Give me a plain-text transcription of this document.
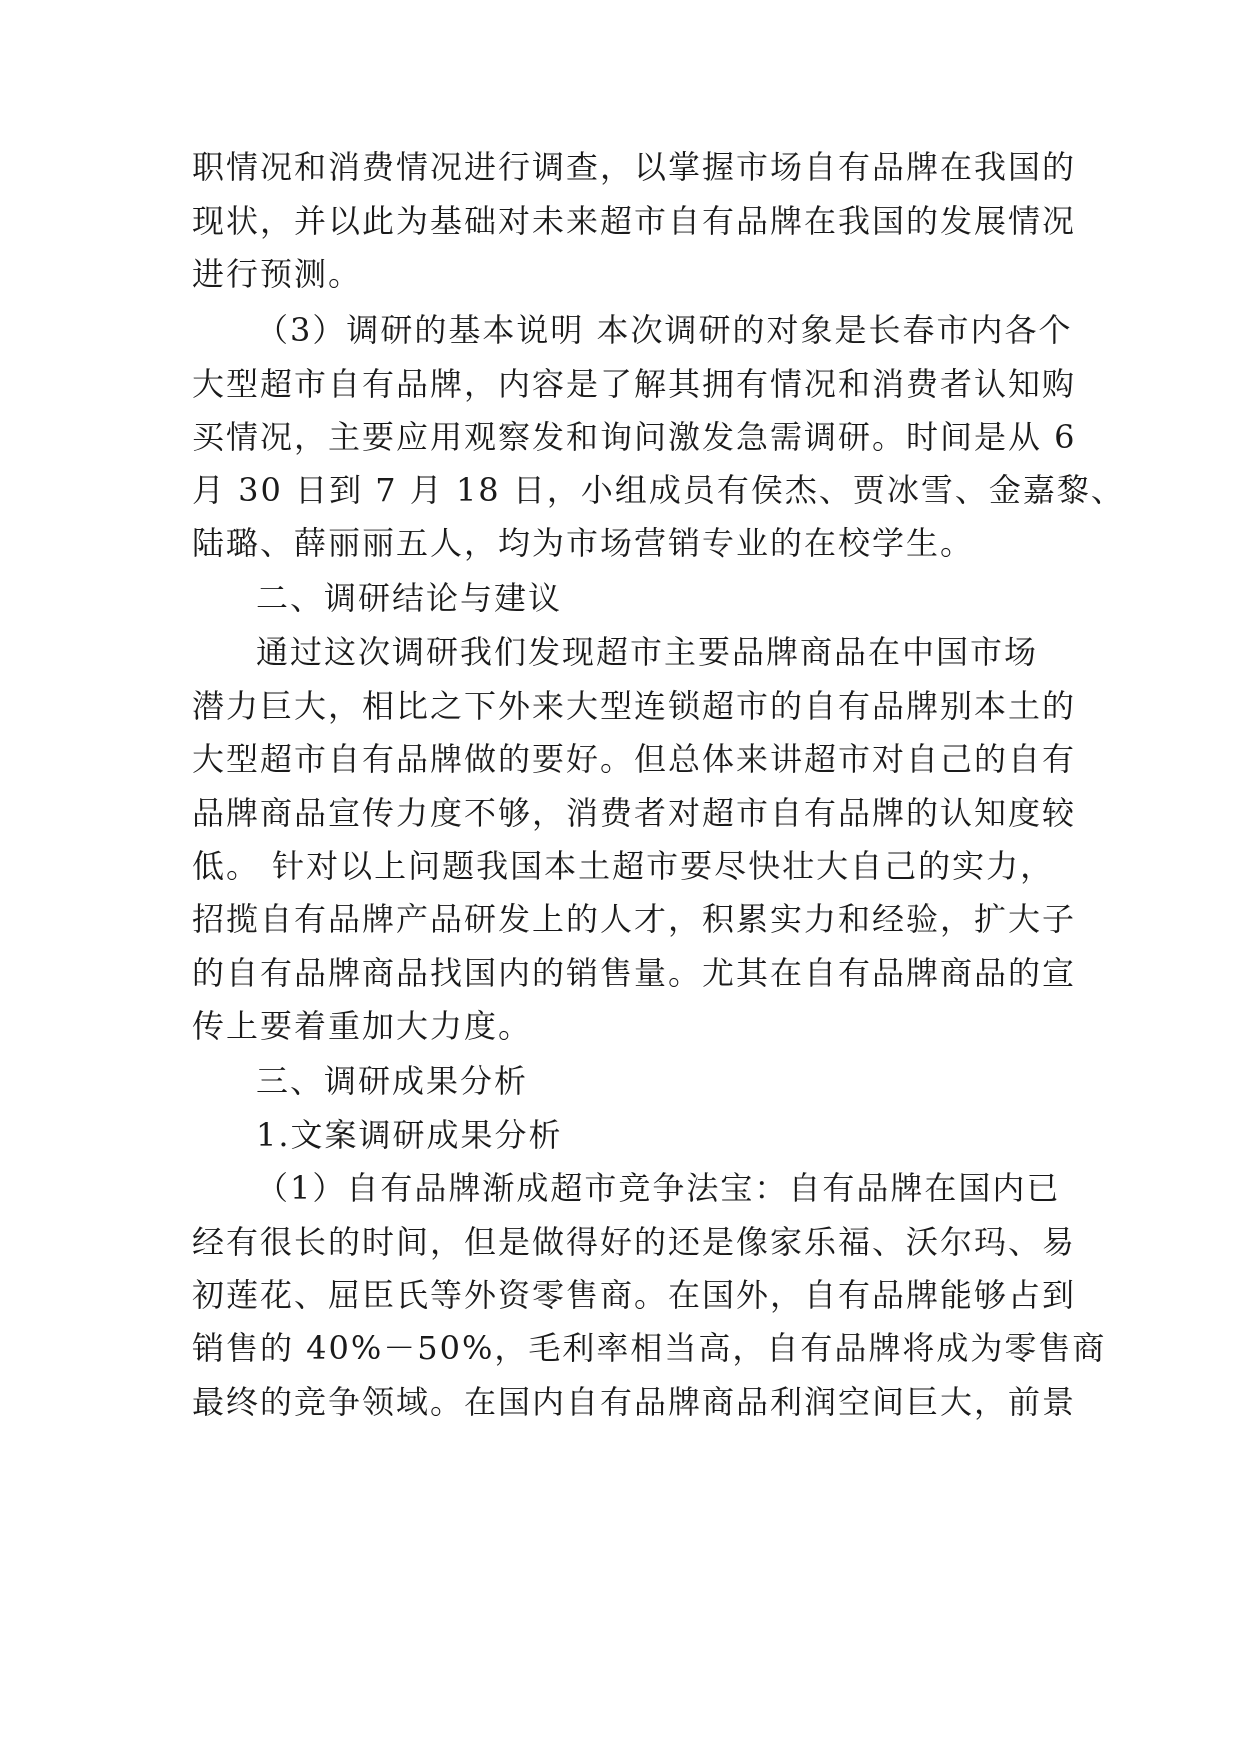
职情况和消费情况进行调查，以掌握市场自有品牌在我国的
现状，并以此为基础对未来超市自有品牌在我国的发展情况
进行预测。
（3）调研的基本说明 本次调研的对象是长春市内各个
大型超市自有品牌，内容是了解其拥有情况和消费者认知购
买情况，主要应用观察发和询问激发急需调研。时间是从 6
月 30 日到 7 月 18 日，小组成员有侯杰、贾冰雪、金嘉黎、
陆璐、薛丽丽五人，均为市场营销专业的在校学生。
二、调研结论与建议
通过这次调研我们发现超市主要品牌商品在中国市场
潜力巨大，相比之下外来大型连锁超市的自有品牌别本土的
大型超市自有品牌做的要好。但总体来讲超市对自己的自有
品牌商品宣传力度不够，消费者对超市自有品牌的认知度较
低。 针对以上问题我国本土超市要尽快壮大自己的实力，
招揽自有品牌产品研发上的人才，积累实力和经验，扩大子
的自有品牌商品找国内的销售量。尤其在自有品牌商品的宣
传上要着重加大力度。
三、调研成果分析
1.文案调研成果分析
（1）自有品牌渐成超市竞争法宝：自有品牌在国内已
经有很长的时间，但是做得好的还是像家乐福、沃尔玛、易
初莲花、屈臣氏等外资零售商。在国外，自有品牌能够占到
销售的 40%－50%，毛利率相当高，自有品牌将成为零售商
最终的竞争领域。在国内自有品牌商品利润空间巨大，前景
